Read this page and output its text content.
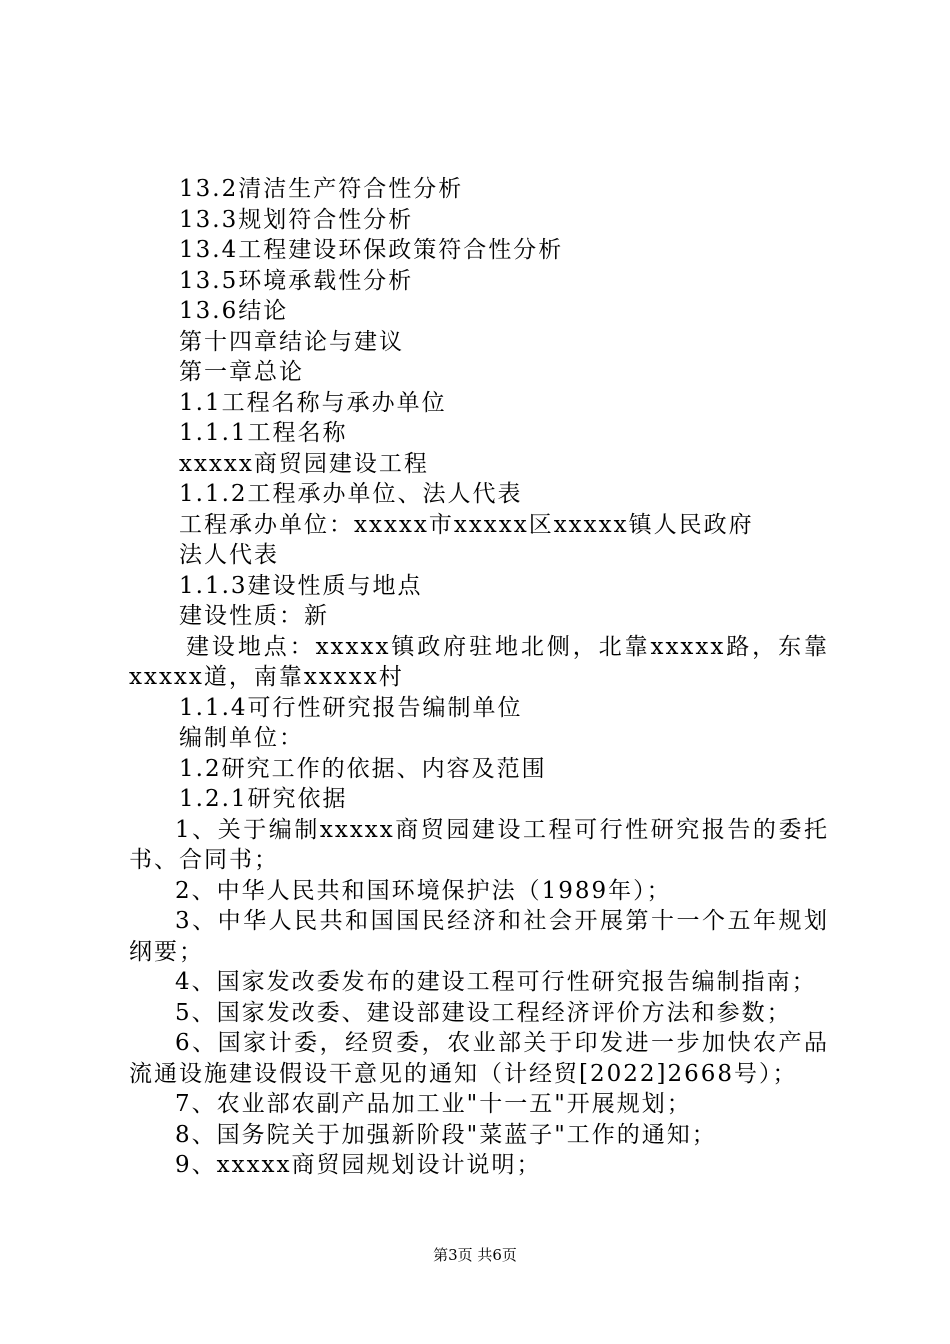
13.2清洁生产符合性分析
13.3规划符合性分析
13.4工程建设环保政策符合性分析
13.5环境承载性分析
13.6结论
第十四章结论与建议
第一章总论
1.1工程名称与承办单位
1.1.1工程名称
xxxxx商贸园建设工程
1.1.2工程承办单位、法人代表
工程承办单位：xxxxx市xxxxx区xxxxx镇人民政府
法人代表
1.1.3建设性质与地点
建设性质：新
建设地点：xxxxx镇政府驻地北侧，北靠xxxxx路，东靠
xxxxx道，南靠xxxxx村
1.1.4可行性研究报告编制单位
编制单位：
1.2研究工作的依据、内容及范围
1.2.1研究依据
1、关于编制xxxxx商贸园建设工程可行性研究报告的委托
书、合同书；
2、中华人民共和国环境保护法（1989年）；
3、中华人民共和国国民经济和社会开展第十一个五年规划
纲要；
4、国家发改委发布的建设工程可行性研究报告编制指南；
5、国家发改委、建设部建设工程经济评价方法和参数；
6、国家计委，经贸委，农业部关于印发进一步加快农产品
流通设施建设假设干意见的通知（计经贸[2022]2668号）；
7、农业部农副产品加工业"十一五"开展规划；
8、国务院关于加强新阶段"菜蓝子"工作的通知；
9、xxxxx商贸园规划设计说明；
第3页 共6页
